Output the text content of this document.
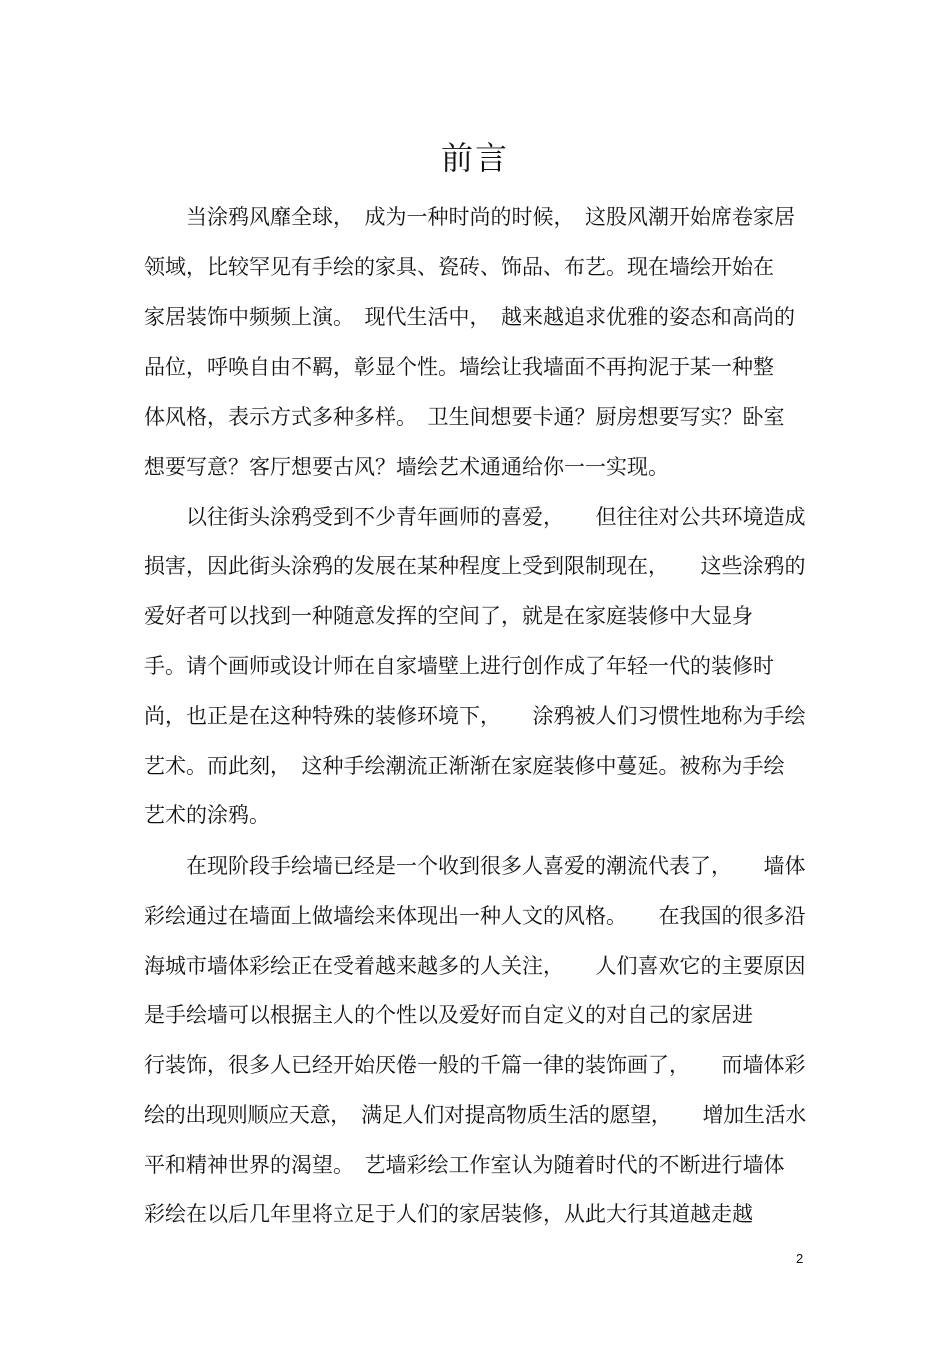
前言

当涂鸦风靡全球，　成为一种时尚的时候，　这股风潮开始席卷家居

领域，比较罕见有手绘的家具、瓷砖、饰品、布艺。现在墙绘开始在

家居装饰中频频上演。　现代生活中，　越来越追求优雅的姿态和高尚的

品位，呼唤自由不羁，彰显个性。墙绘让我墙面不再拘泥于某一种整

体风格，表示方式多种多样。　卫生间想要卡通？厨房想要写实？卧室

想要写意？客厅想要古风？墙绘艺术通通给你一一实现。

以往街头涂鸦受到不少青年画师的喜爱，　　但往往对公共环境造成

损害，因此街头涂鸦的发展在某种程度上受到限制现在，　　这些涂鸦的

爱好者可以找到一种随意发挥的空间了，就是在家庭装修中大显身

手。请个画师或设计师在自家墙壁上进行创作成了年轻一代的装修时

尚，也正是在这种特殊的装修环境下，　　涂鸦被人们习惯性地称为手绘

艺术。而此刻，　这种手绘潮流正渐渐在家庭装修中蔓延。被称为手绘

艺术的涂鸦。

在现阶段手绘墙已经是一个收到很多人喜爱的潮流代表了，　　墙体

彩绘通过在墙面上做墙绘来体现出一种人文的风格。　　在我国的很多沿

海城市墙体彩绘正在受着越来越多的人关注，　　人们喜欢它的主要原因

是手绘墙可以根据主人的个性以及爱好而自定义的对自己的家居进

行装饰，很多人已经开始厌倦一般的千篇一律的装饰画了，　　而墙体彩

绘的出现则顺应天意，　满足人们对提高物质生活的愿望，　　增加生活水

平和精神世界的渴望。　艺墙彩绘工作室认为随着时代的不断进行墙体

彩绘在以后几年里将立足于人们的家居装修，从此大行其道越走越

2
